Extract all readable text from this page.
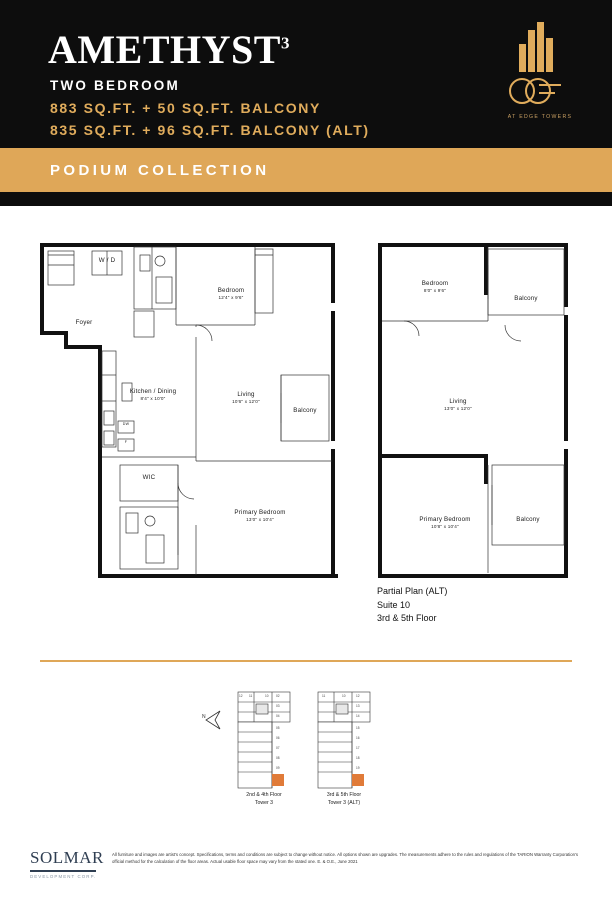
AMETHYST$^3$
TWO BEDROOM
883 SQ.FT. + 50 SQ.FT. BALCONY
835 SQ.FT. + 96 SQ.FT. BALCONY (ALT)
AT EDGE TOWERS
PODIUM COLLECTION
Foyer
W / D
Bedroom
12'4" x 9'6"
Kitchen / Dining
8'4" x 10'0"
Living
10'6" x 12'0"
Balcony
WIC
Primary Bedroom
13'0" x 10'4"
DW
F
Bedroom
8'0" x 9'6"
Balcony
Living
13'0" x 12'0"
Primary Bedroom
10'8" x 10'4"
Balcony
Partial Plan (ALT)
Suite 10
3rd & 5th Floor
N
12 11	10 02
03
04
05
06
07
08
09
2nd & 4th Floor
Tower 3
11	10	12
13
14
15
16
17
18
19
3rd & 5th Floor
Tower 3 (ALT)
SOLMAR
DEVELOPMENT CORP.
All furniture and images are artist's concept. Specifications, terms and conditions are subject to change without notice. All options shown are upgrades. The measurements adhere to the rules and regulations of the TARION Warranty Corporation's official method for the calculation of the floor areas. Actual usable floor space may vary from the stated one. E. & O.E., June 2021
